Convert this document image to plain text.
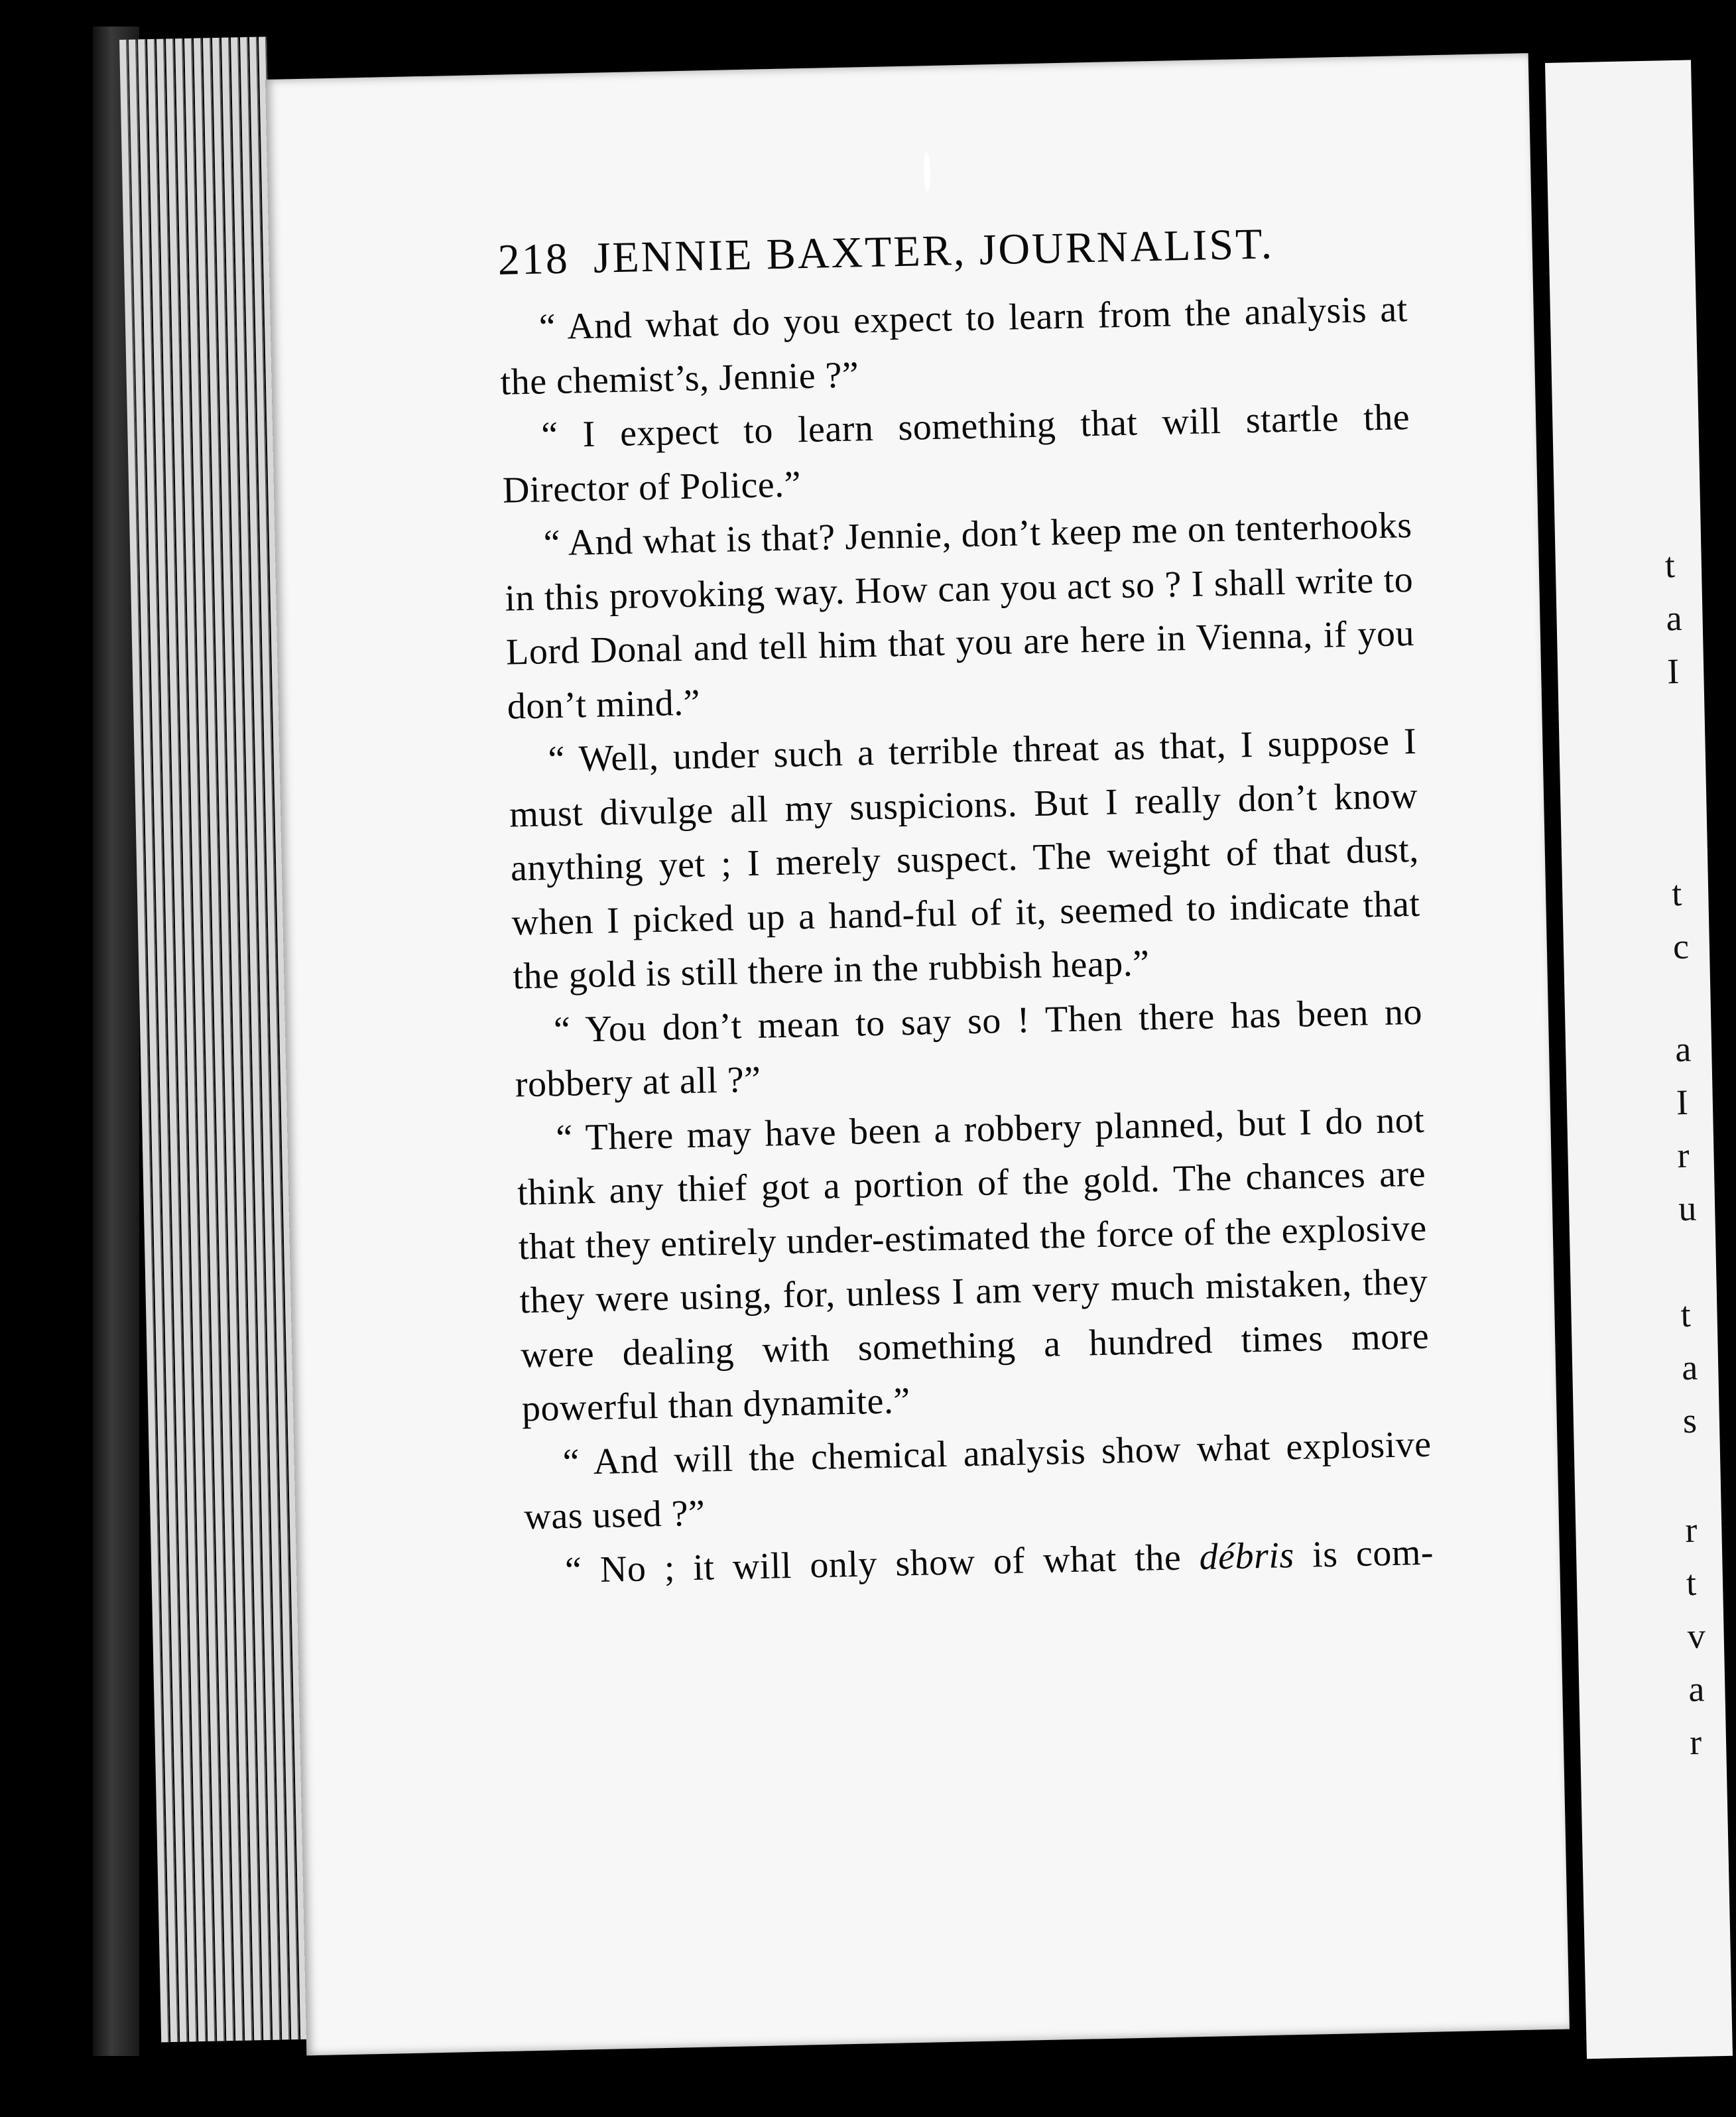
218 JENNIE BAXTER, JOURNALIST.

“ And what do you expect to learn from the analysis at the chemist’s, Jennie ?”

“ I expect to learn something that will startle the Director of Police.”

“ And what is that? Jennie, don’t keep me on tenterhooks in this provoking way. How can you act so ? I shall write to Lord Donal and tell him that you are here in Vienna, if you don’t mind.”

“ Well, under such a terrible threat as that, I suppose I must divulge all my suspicions. But I really don’t know anything yet ; I merely suspect. The weight of that dust, when I picked up a hand-ful of it, seemed to indicate that the gold is still there in the rubbish heap.”

“ You don’t mean to say so ! Then there has been no robbery at all ?”

“ There may have been a robbery planned, but I do not think any thief got a portion of the gold. The chances are that they entirely under-estimated the force of the explosive they were using, for, unless I am very much mistaken, they were dealing with something a hundred times more powerful than dynamite.”

“ And will the chemical analysis show what explosive was used ?”

“ No ; it will only show of what the débris is com-

t
a
I
t
c
a
I
r
u
t
a
s
r
t
v
a
r
